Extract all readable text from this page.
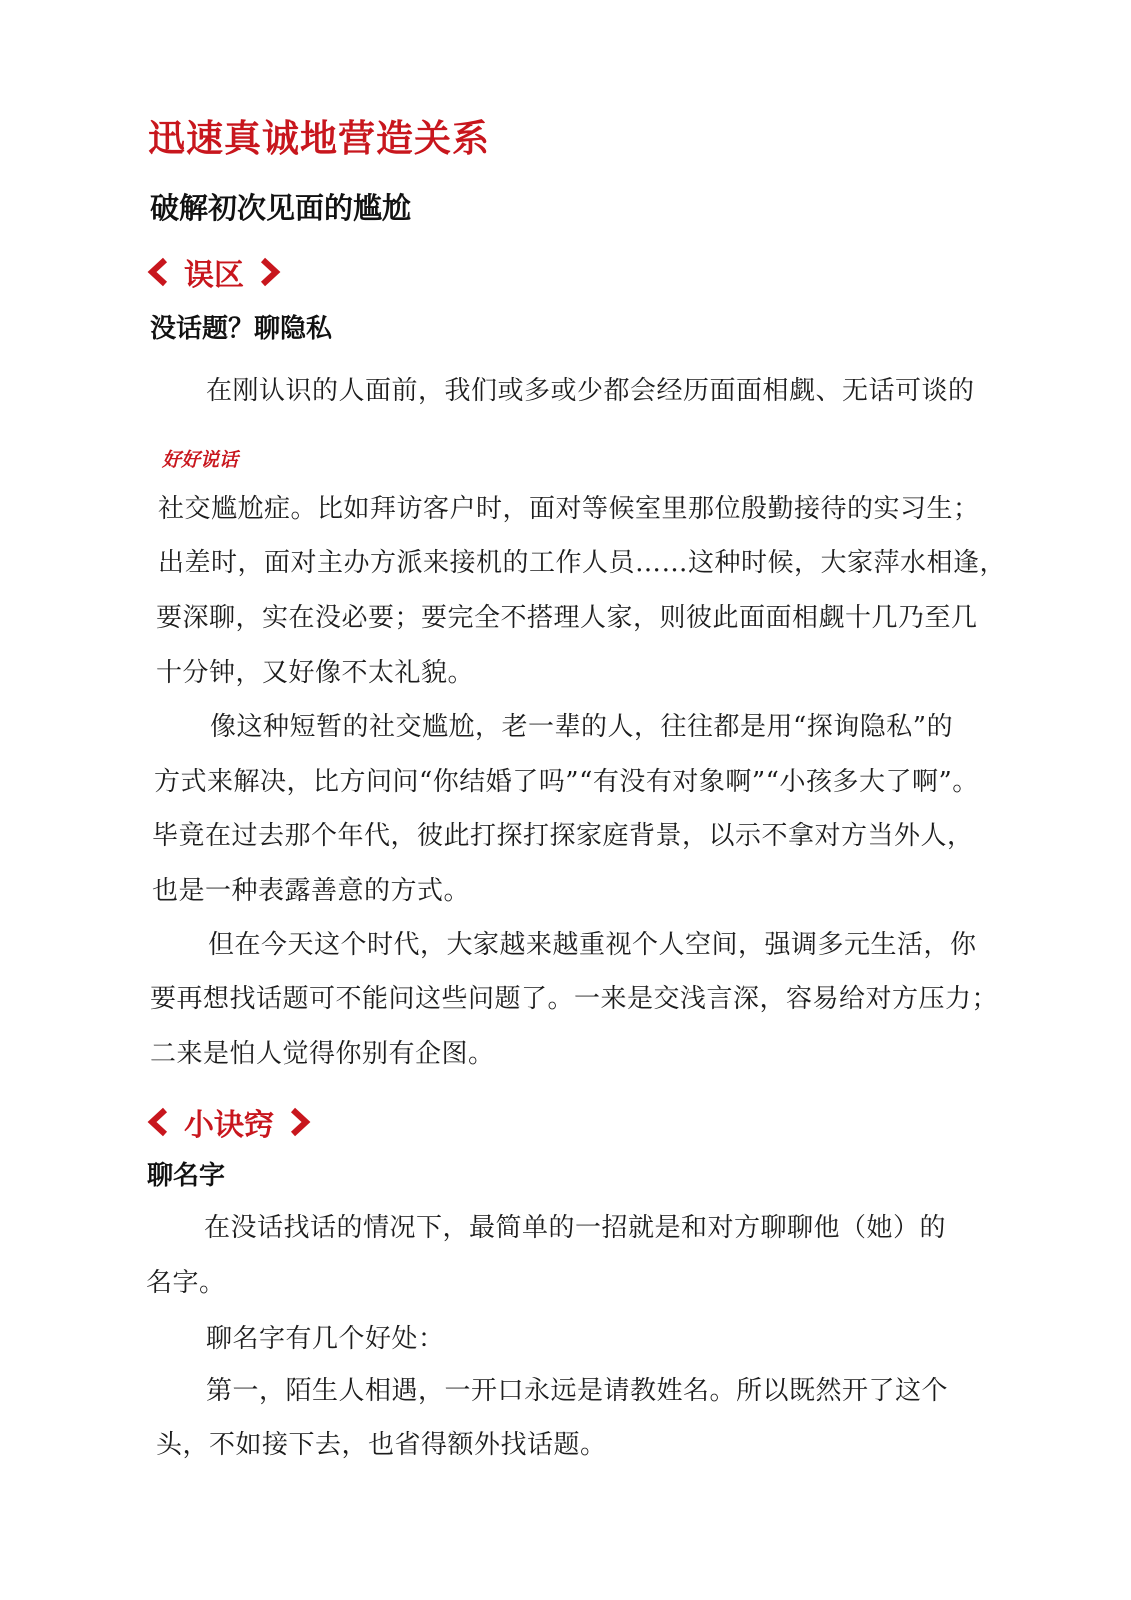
迅速真诚地营造关系
破解初次见面的尴尬
误区
没话题？聊隐私
在刚认识的人面前，我们或多或少都会经历面面相觑、无话可谈的
好好说话
社交尴尬症。比如拜访客户时，面对等候室里那位殷勤接待的实习生；
出差时，面对主办方派来接机的工作人员……这种时候，大家萍水相逢，
要深聊，实在没必要；要完全不搭理人家，则彼此面面相觑十几乃至几
十分钟，又好像不太礼貌。
像这种短暂的社交尴尬，老一辈的人，往往都是用“探询隐私”的
方式来解决，比方问问“你结婚了吗”“有没有对象啊”“小孩多大了啊”。
毕竟在过去那个年代，彼此打探打探家庭背景，以示不拿对方当外人，
也是一种表露善意的方式。
但在今天这个时代，大家越来越重视个人空间，强调多元生活，你
要再想找话题可不能问这些问题了。一来是交浅言深，容易给对方压力；
二来是怕人觉得你别有企图。
小诀窍
聊名字
在没话找话的情况下，最简单的一招就是和对方聊聊他（她）的
名字。
聊名字有几个好处：
第一，陌生人相遇，一开口永远是请教姓名。所以既然开了这个
头，不如接下去，也省得额外找话题。
